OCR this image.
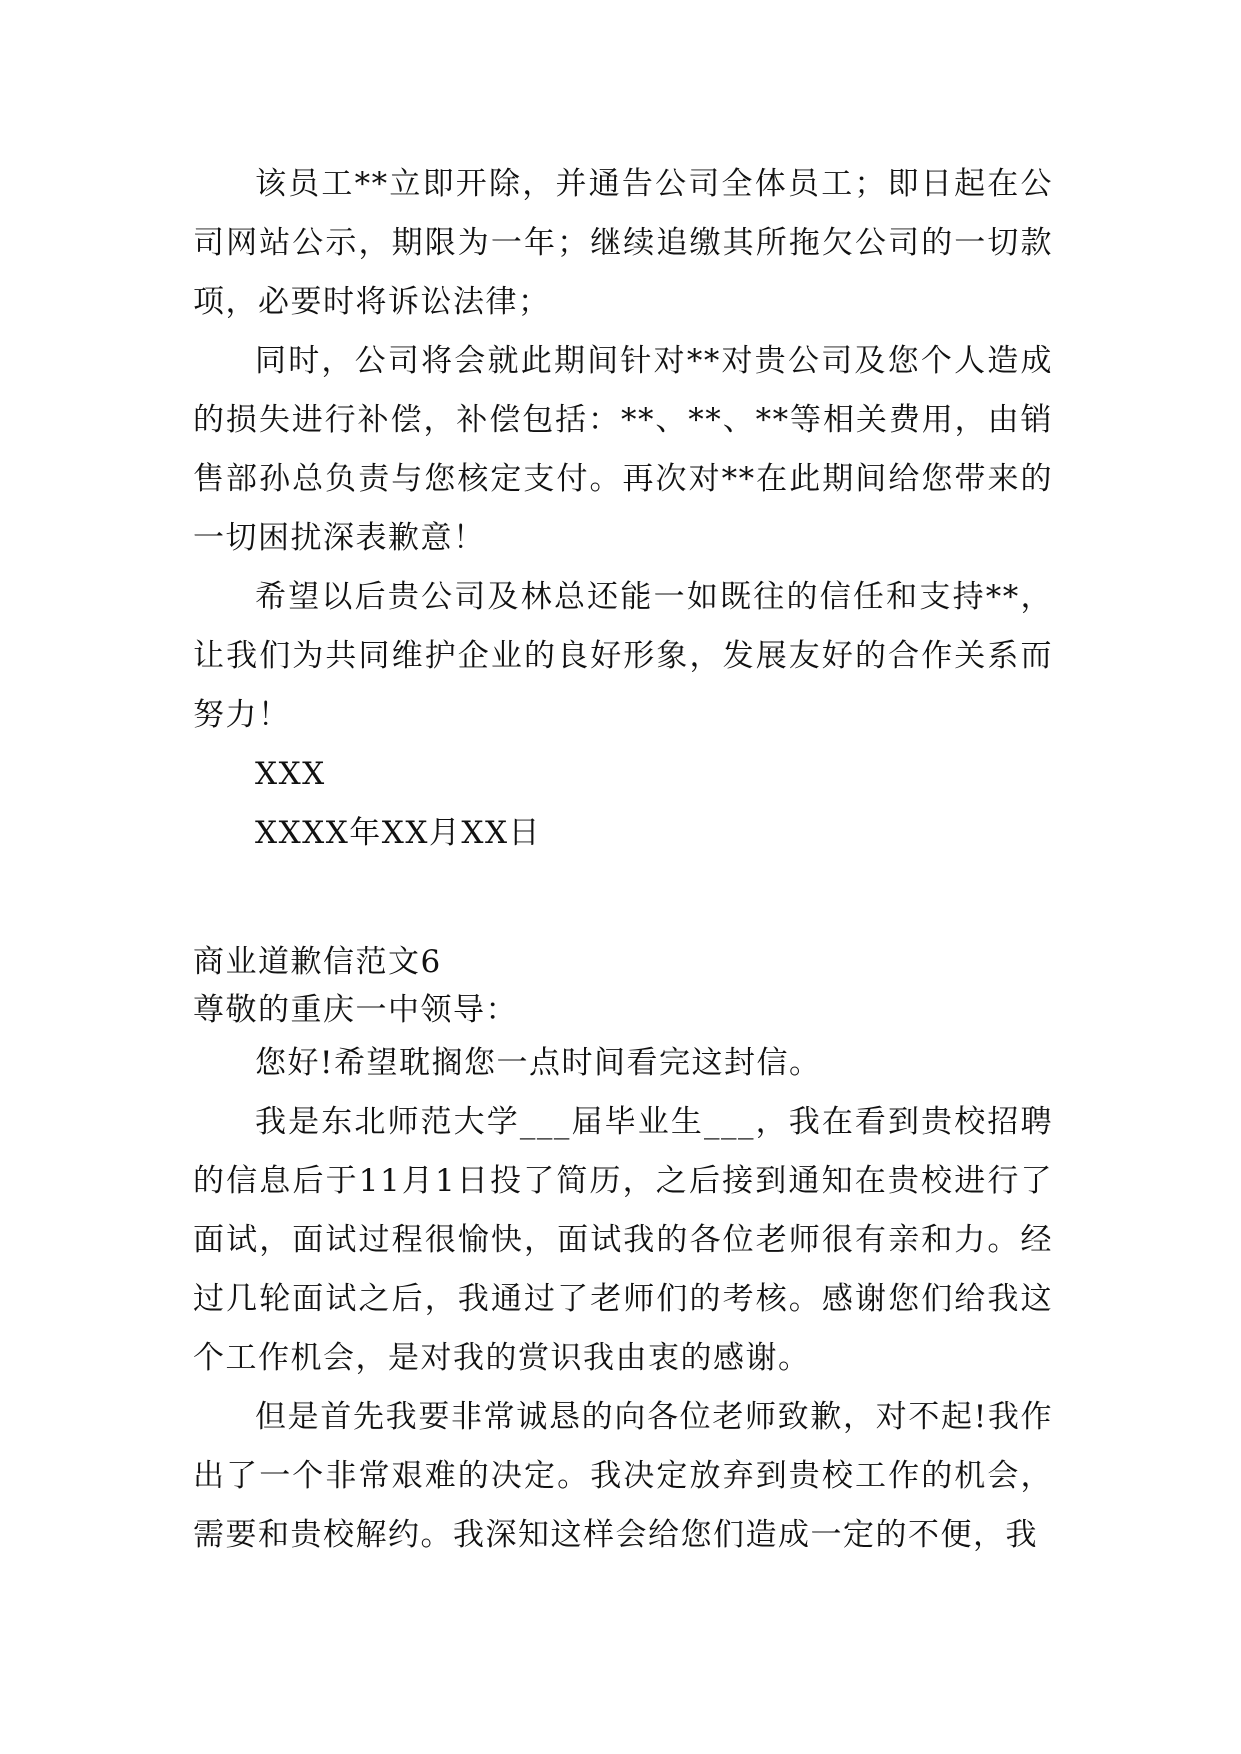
该员工**立即开除，并通告公司全体员工；即日起在公司网站公示，期限为一年；继续追缴其所拖欠公司的一切款项，必要时将诉讼法律；

同时，公司将会就此期间针对**对贵公司及您个人造成的损失进行补偿，补偿包括：**、**、**等相关费用，由销售部孙总负责与您核定支付。再次对**在此期间给您带来的一切困扰深表歉意！

希望以后贵公司及林总还能一如既往的信任和支持**，让我们为共同维护企业的良好形象，发展友好的合作关系而努力！

XXX

XXXX年XX月XX日

商业道歉信范文6

尊敬的重庆一中领导：

您好!希望耽搁您一点时间看完这封信。

我是东北师范大学___届毕业生___，我在看到贵校招聘的信息后于11月1日投了简历，之后接到通知在贵校进行了面试，面试过程很愉快，面试我的各位老师很有亲和力。经过几轮面试之后，我通过了老师们的考核。感谢您们给我这个工作机会，是对我的赏识我由衷的感谢。

但是首先我要非常诚恳的向各位老师致歉，对不起!我作出了一个非常艰难的决定。我决定放弃到贵校工作的机会，需要和贵校解约。我深知这样会给您们造成一定的不便，我
